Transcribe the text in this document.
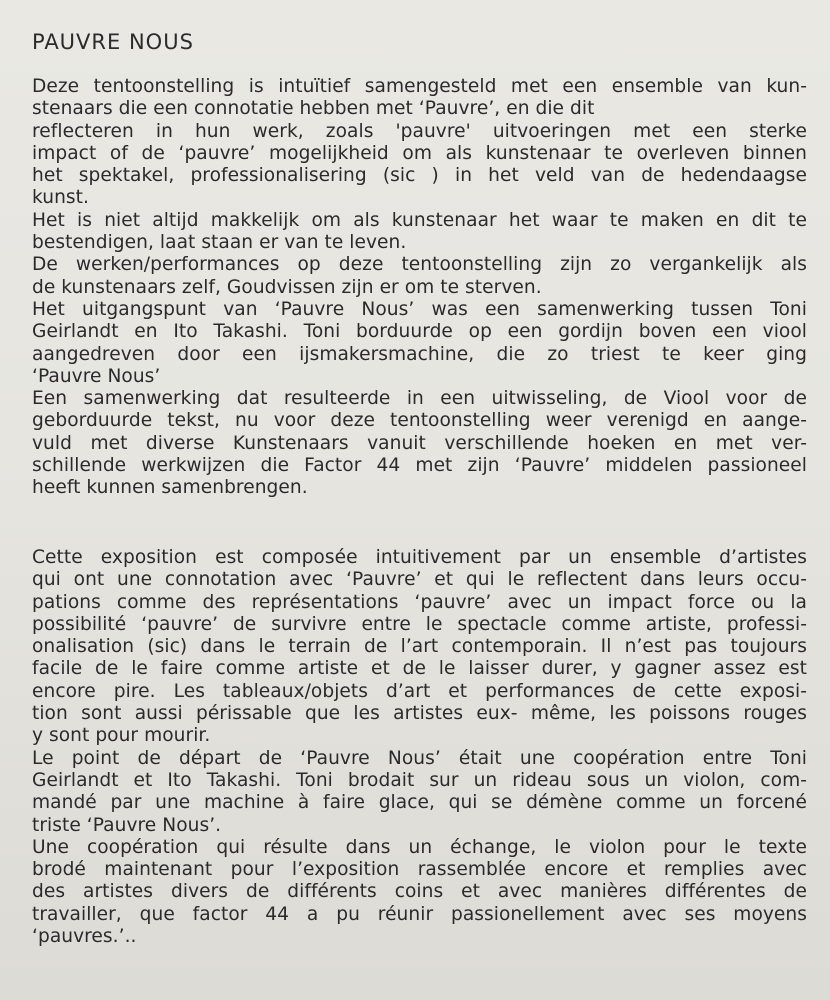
PAUVRE NOUS
Deze tentoonstelling is intuïtief samengesteld met een ensemble van kun-
stenaars die een connotatie hebben met ‘Pauvre’, en die dit
reflecteren in hun werk, zoals 'pauvre' uitvoeringen met een sterke
impact of de ‘pauvre’ mogelijkheid om als kunstenaar te overleven binnen
het spektakel, professionalisering (sic ) in het veld van de hedendaagse
kunst.
Het is niet altijd makkelijk om als kunstenaar het waar te maken en dit te
bestendigen, laat staan er van te leven.
De werken/performances op deze tentoonstelling zijn zo vergankelijk als
de kunstenaars zelf, Goudvissen zijn er om te sterven.
Het uitgangspunt van ‘Pauvre Nous’ was een samenwerking tussen Toni
Geirlandt en Ito Takashi. Toni borduurde op een gordijn boven een viool
aangedreven door een ijsmakersmachine, die zo triest te keer ging
‘Pauvre Nous’
Een samenwerking dat resulteerde in een uitwisseling, de Viool voor de
geborduurde tekst, nu voor deze tentoonstelling weer verenigd en aange-
vuld met diverse Kunstenaars vanuit verschillende hoeken en met ver-
schillende werkwijzen die Factor 44 met zijn ‘Pauvre’ middelen passioneel
heeft kunnen samenbrengen.
Cette exposition est composée intuitivement par un ensemble d’artistes
qui ont une connotation avec ‘Pauvre’ et qui le reflectent dans leurs occu-
pations comme des représentations ‘pauvre’ avec un impact force ou la
possibilité ‘pauvre’ de survivre entre le spectacle comme artiste, professi-
onalisation (sic) dans le terrain de l’art contemporain. Il n’est pas toujours
facile de le faire comme artiste et de le laisser durer, y gagner assez est
encore pire. Les tableaux/objets d’art et performances de cette exposi-
tion sont aussi périssable que les artistes eux- même, les poissons rouges
y sont pour mourir.
Le point de départ de ‘Pauvre Nous’ était une coopération entre Toni
Geirlandt et Ito Takashi. Toni brodait sur un rideau sous un violon, com-
mandé par une machine à faire glace, qui se démène comme un forcené
triste ‘Pauvre Nous’.
Une coopération qui résulte dans un échange, le violon pour le texte
brodé maintenant pour l’exposition rassemblée encore et remplies avec
des artistes divers de différents coins et avec manières différentes de
travailler, que factor 44 a pu réunir passionellement avec ses moyens
‘pauvres.’..
